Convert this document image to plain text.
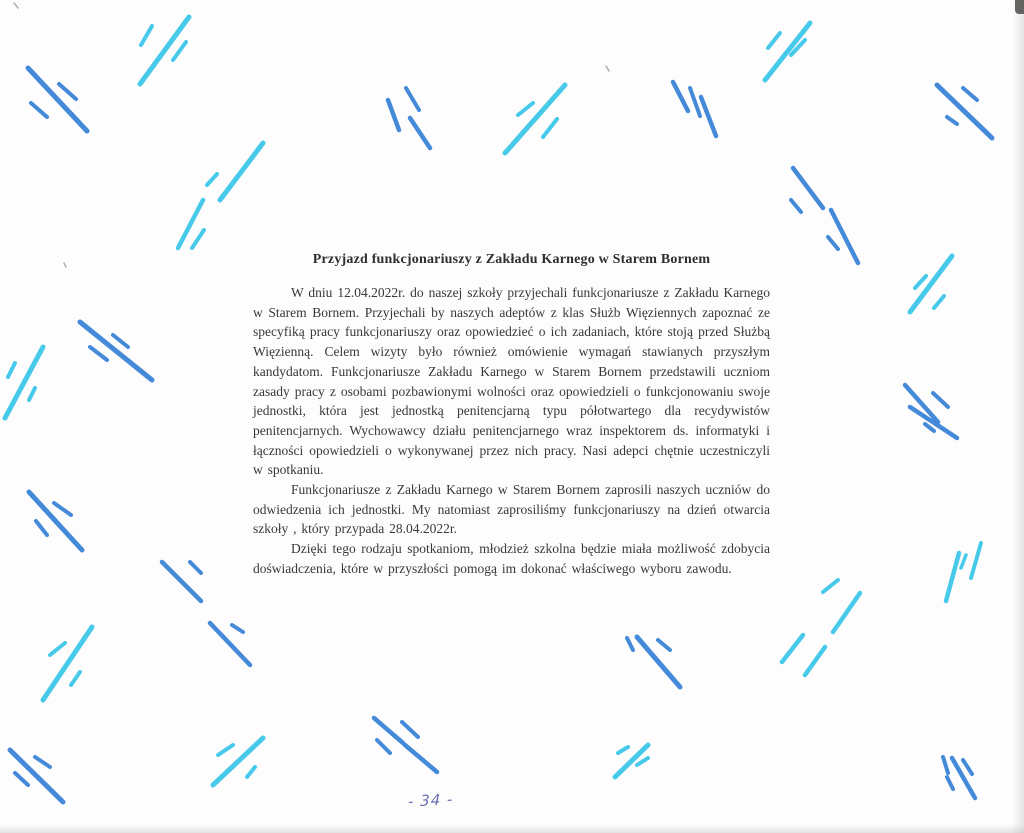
Przyjazd funkcjonariuszy z Zakładu Karnego w Starem Bornem

W dniu 12.04.2022r. do naszej szkoły przyjechali funkcjonariusze z Zakładu Karnego w Starem Bornem. Przyjechali by naszych adeptów z klas Służb Więziennych zapoznać ze specyfiką pracy funkcjonariuszy oraz opowiedzieć o ich zadaniach, które stoją przed Służbą Więzienną. Celem wizyty było również omówienie wymagań stawianych przyszłym kandydatom. Funkcjonariusze Zakładu Karnego w Starem Bornem przedstawili uczniom zasady pracy z osobami pozbawionymi wolności oraz opowiedzieli o funkcjonowaniu swoje jednostki, która jest jednostką penitencjarną typu półotwartego dla recydywistów penitencjarnych. Wychowawcy działu penitencjarnego wraz inspektorem ds. informatyki i łączności opowiedzieli o wykonywanej przez nich pracy. Nasi adepci chętnie uczestniczyli w spotkaniu.

Funkcjonariusze z Zakładu Karnego w Starem Bornem zaprosili naszych uczniów do odwiedzenia ich jednostki. My natomiast zaprosiliśmy funkcjonariuszy na dzień otwarcia szkoły , który przypada 28.04.2022r.

Dzięki tego rodzaju spotkaniom, młodzież szkolna będzie miała możliwość zdobycia doświadczenia, które w przyszłości pomogą im dokonać właściwego wyboru zawodu.

- 34 -
